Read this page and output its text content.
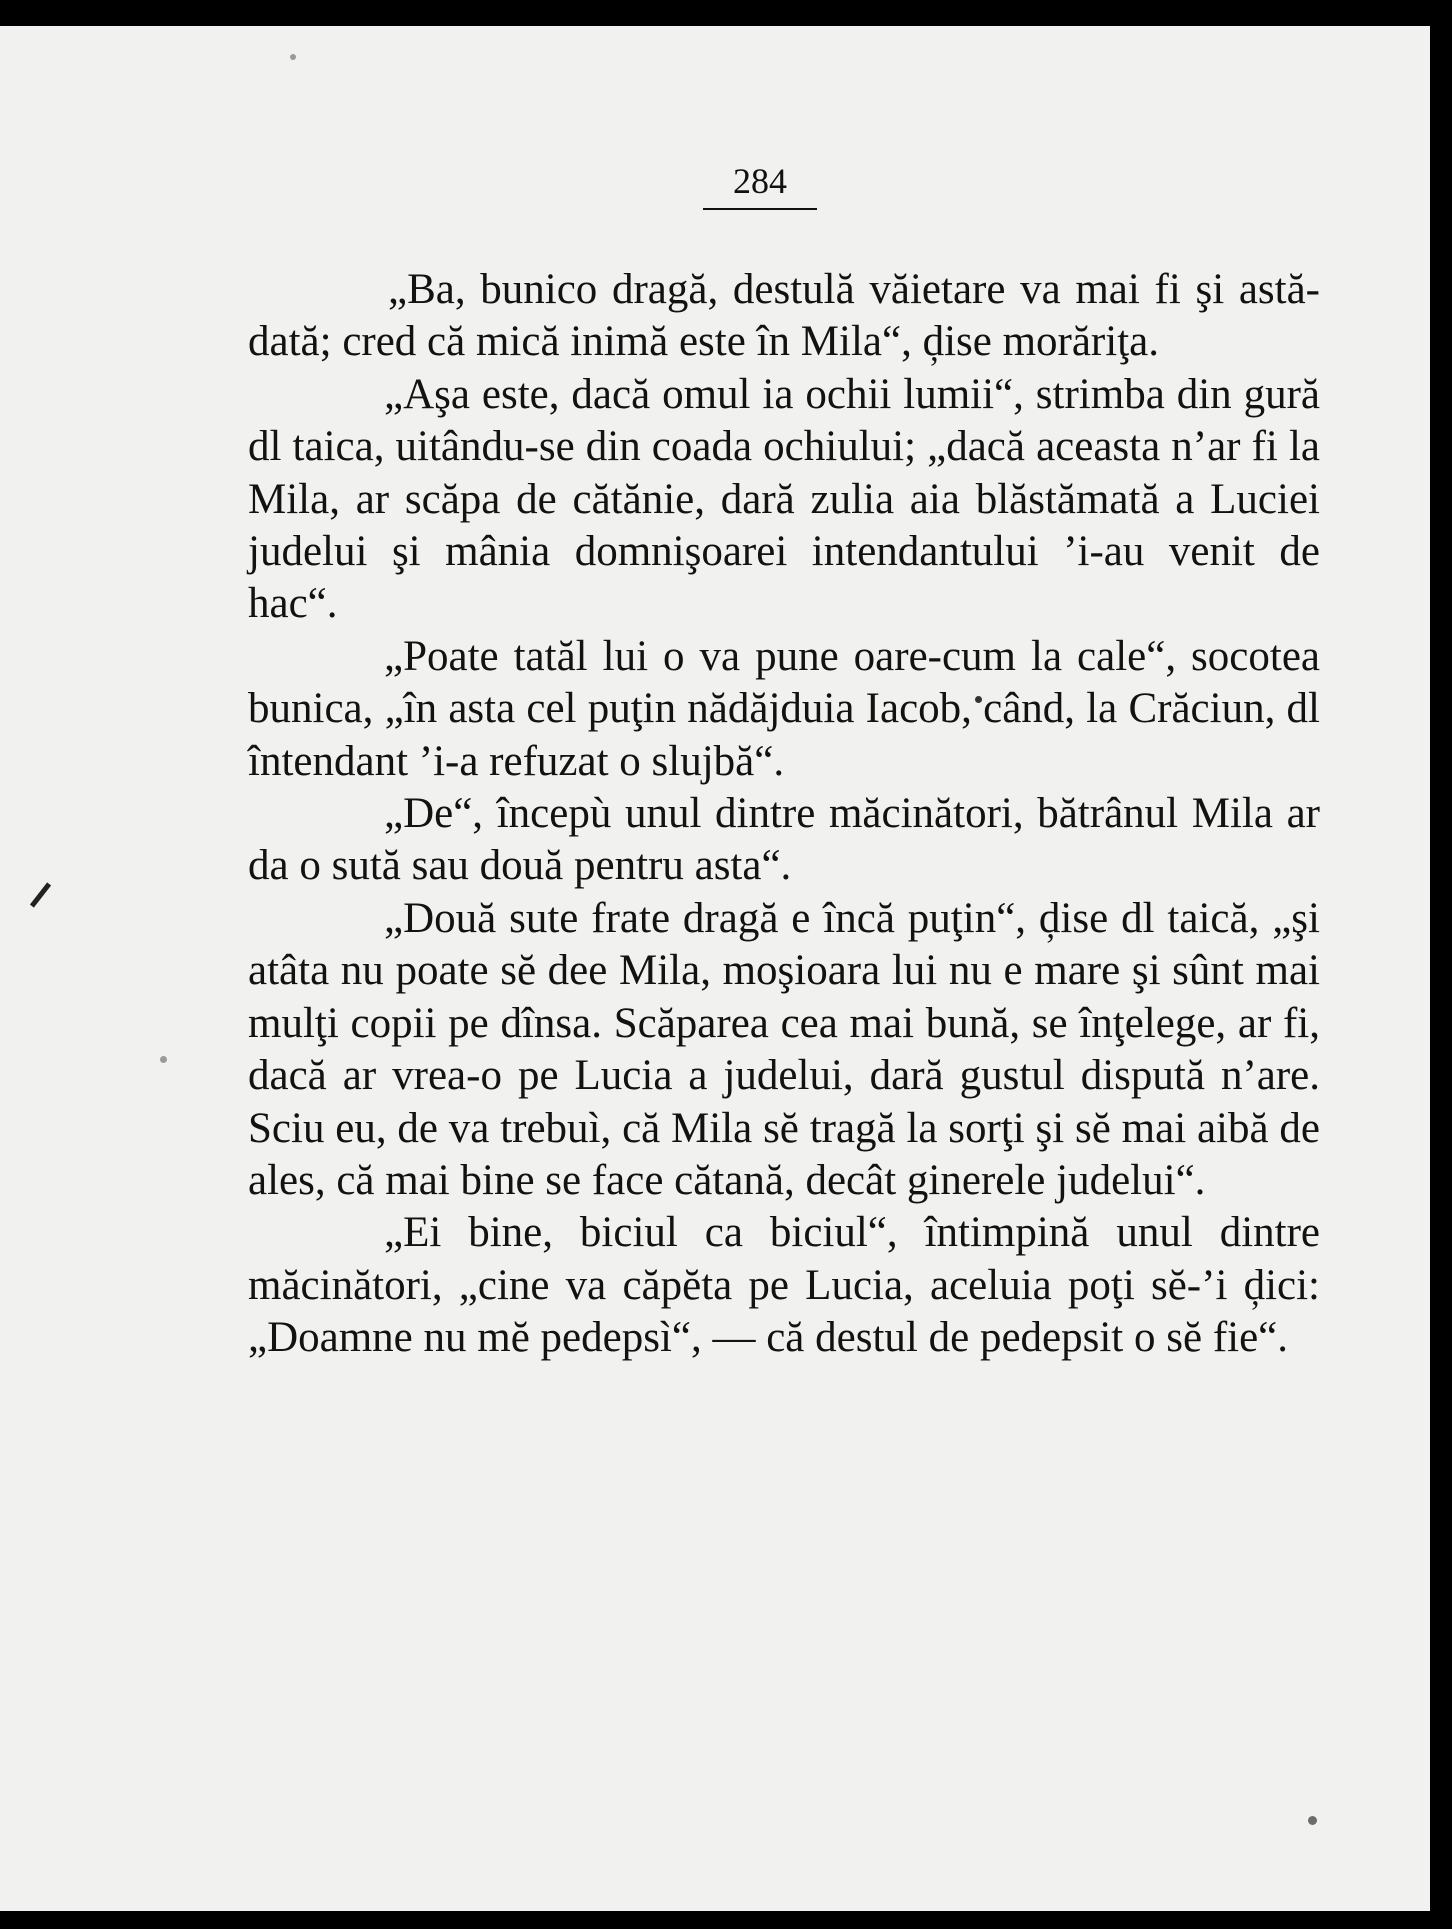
284

„Ba, bunico dragă, destulă văietare va mai fi şi astă-dată; cred că mică inimă este în Mila“, ḑise morăriţa.

„Aşa este, dacă omul ia ochii lumii“, strimba din gură dl taica, uitându-se din coada ochiului; „dacă aceasta n’ar fi la Mila, ar scăpa de cătănie, dară zulia aia blăstămată a Luciei judelui şi mânia domnişoarei intendantului ’i-au venit de hac“.

„Poate tatăl lui o va pune oare-cum la cale“, socotea bunica, „în asta cel puţin nădăjduia Iacob, când, la Crăciun, dl întendant ’i-a refuzat o slujbă“.

„De“, începù unul dintre măcinători, bătrânul Mila ar da o sută sau două pentru asta“.

„Două sute frate dragă e încă puţin“, ḑise dl taică, „şi atâta nu poate sĕ dee Mila, moşioara lui nu e mare şi sûnt mai mulţi copii pe dînsa. Scăparea cea mai bună, se înţelege, ar fi, dacă ar vrea-o pe Lucia a judelui, dară gustul dispută n’are. Sciu eu, de va trebuì, că Mila sĕ tragă la sorţi şi sĕ mai aibă de ales, că mai bine se face cătană, decât ginerele judelui“.

„Ei bine, biciul ca biciul“, întimpină unul dintre măcinători, „cine va căpĕta pe Lucia, aceluia poţi sĕ-’i ḑici: „Doamne nu mĕ pedepsì“, — că destul de pedepsit o sĕ fie“.
